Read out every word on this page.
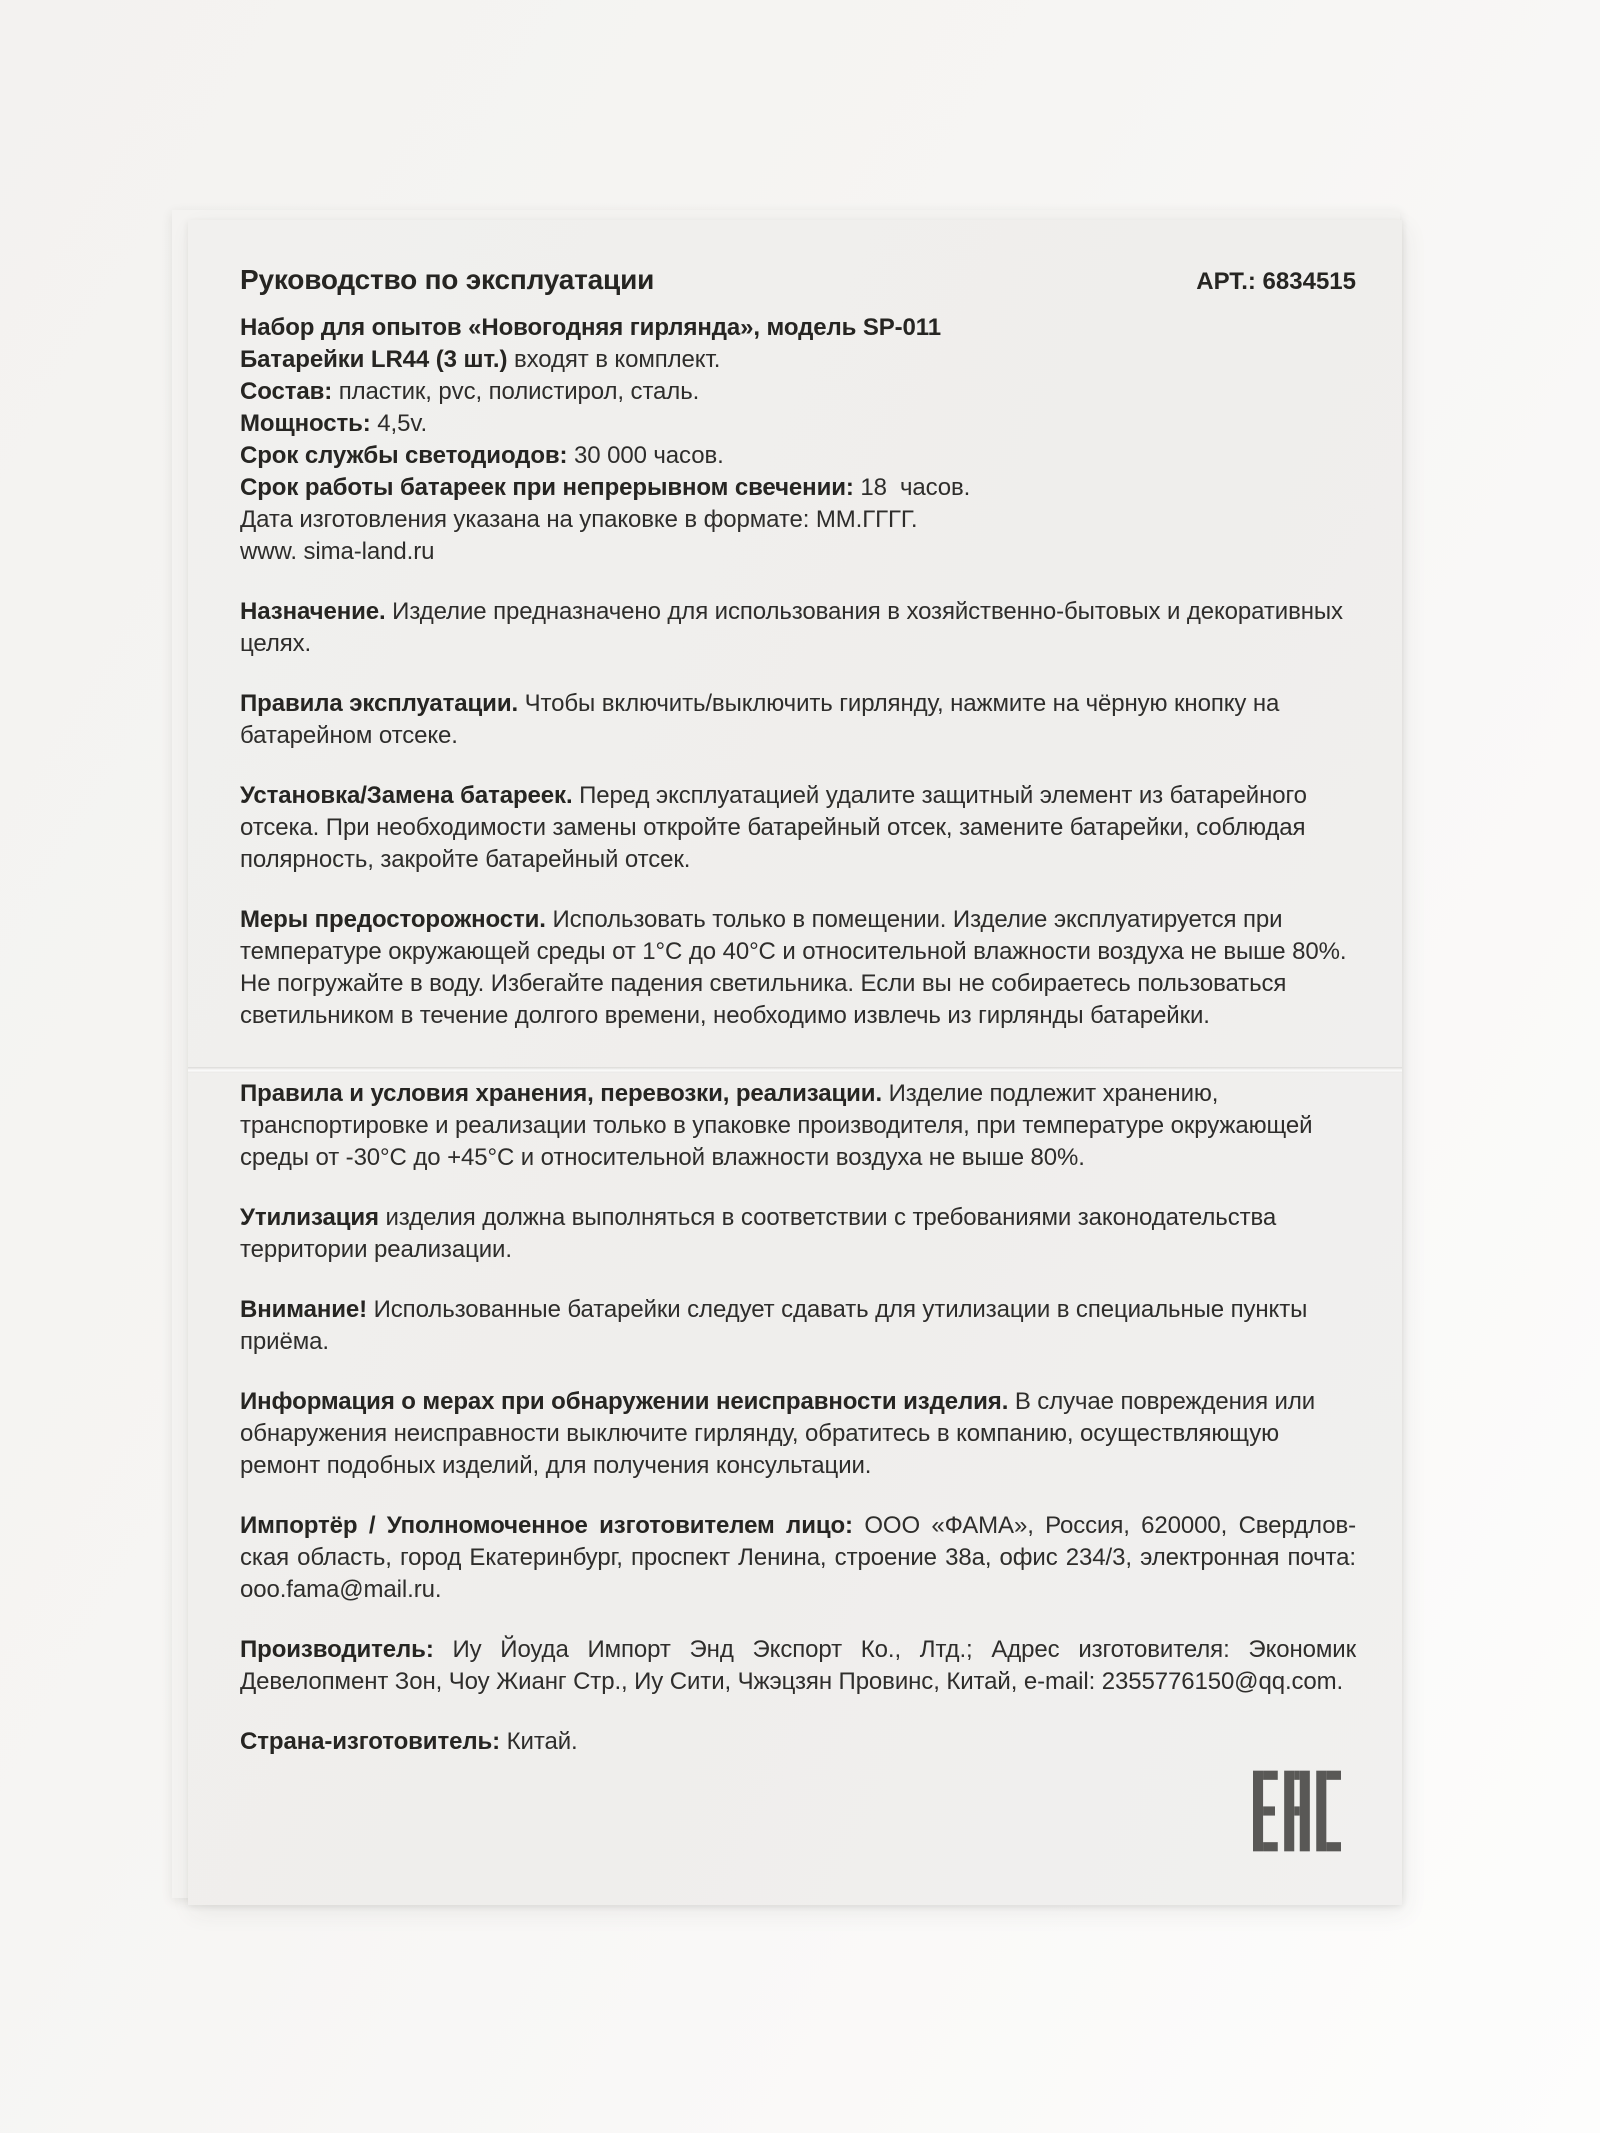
Руководство по эксплуатации	АРТ.: 6834515

Набор для опытов «Новогодняя гирлянда», модель SP-011

Батарейки LR44 (3 шт.) входят в комплект.

Состав: пластик, pvc, полистирол, сталь.

Мощность: 4,5v.

Срок службы светодиодов: 30 000 часов.

Срок работы батареек при непрерывном свечении: 18  часов.

Дата изготовления указана на упаковке в формате: ММ.ГГГГ.

www. sima-land.ru

Назначение. Изделие предназначено для использования в хозяйственно-бытовых и декоративных целях.

Правила эксплуатации. Чтобы включить/выключить гирлянду, нажмите на чёрную кнопку на батарейном отсеке.

Установка/Замена батареек. Перед эксплуатацией удалите защитный элемент из батарейного отсека. При необходимости замены откройте батарейный отсек, замените батарейки, соблюдая полярность, закройте батарейный отсек.

Меры предосторожности. Использовать только в помещении. Изделие эксплуатируется при температуре окружающей среды от 1°С до 40°С и относительной влажности воздуха не выше 80%. Не погружайте в воду. Избегайте падения светильника. Если вы не собираетесь пользоваться светильником в течение долгого времени, необходимо извлечь из гирлянды батарейки.

Правила и условия хранения, перевозки, реализации. Изделие подлежит хранению, транспортировке и реализации только в упаковке производителя, при температуре окружающей среды от -30°С до +45°С и относительной влажности воздуха не выше 80%.

Утилизация изделия должна выполняться в соответствии с требованиями законодательства территории реализации.

Внимание! Использованные батарейки следует сдавать для утилизации в специальные пункты приёма.

Информация о мерах при обнаружении неисправности изделия. В случае повреждения или обнаружения неисправности выключите гирлянду, обратитесь в компанию, осуществляющую ремонт подобных изделий, для получения консультации.

Импортёр / Уполномоченное изготовителем лицо: ООО «ФАМА», Россия, 620000, Свердлов-ская область, город Екатеринбург, проспект Ленина, строение 38а, офис 234/3, электронная почта: ooo.fama@mail.ru.

Производитель: Иу Йоуда Импорт Энд Экспорт Ко., Лтд.; Адрес изготовителя: Экономик Девелопмент Зон, Чоу Жианг Стр., Иу Сити, Чжэцзян Провинс, Китай, e-mail: 2355776150@qq.com.

Страна-изготовитель: Китай.
